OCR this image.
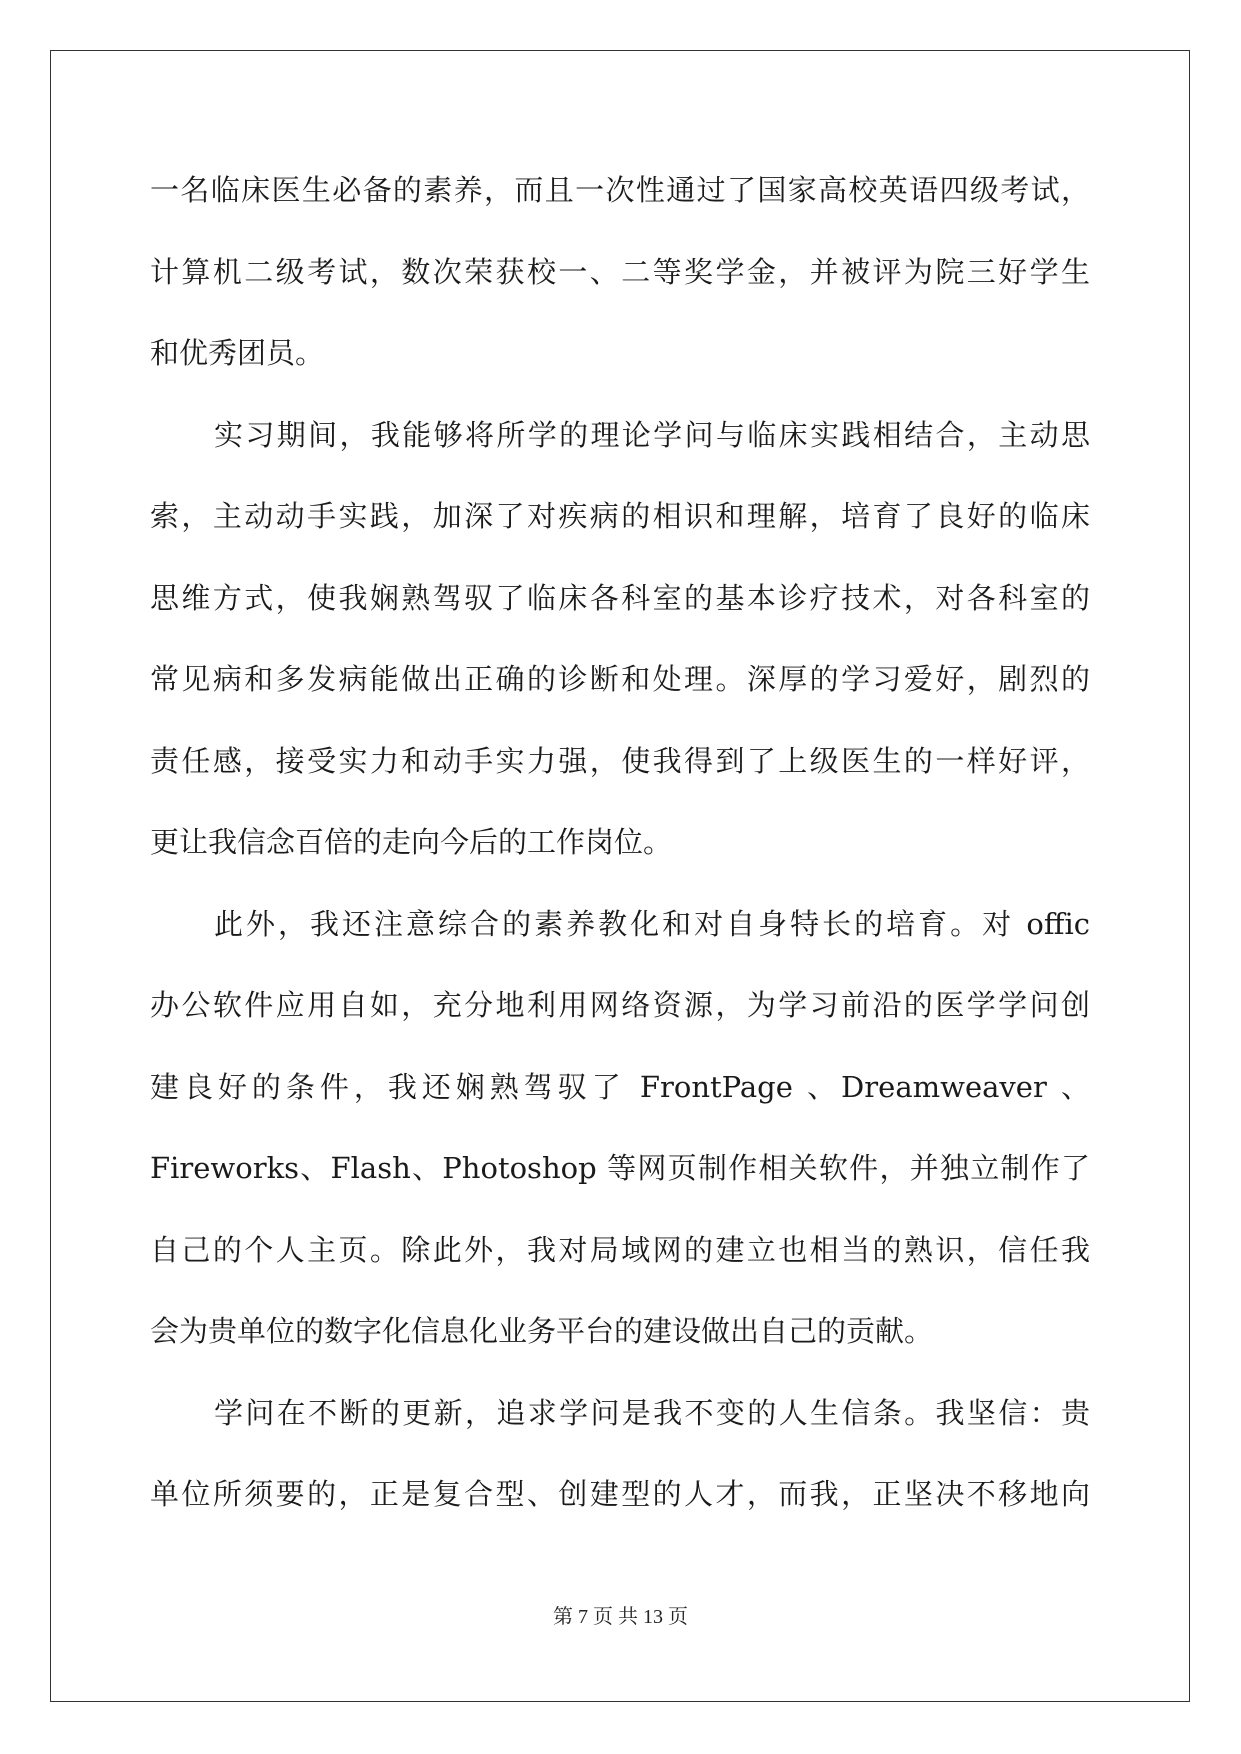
一名临床医生必备的素养，而且一次性通过了国家高校英语四级考试，
计算机二级考试，数次荣获校一、二等奖学金，并被评为院三好学生
和优秀团员。
实习期间，我能够将所学的理论学问与临床实践相结合，主动思
索，主动动手实践，加深了对疾病的相识和理解，培育了良好的临床
思维方式，使我娴熟驾驭了临床各科室的基本诊疗技术，对各科室的
常见病和多发病能做出正确的诊断和处理。深厚的学习爱好，剧烈的
责任感，接受实力和动手实力强，使我得到了上级医生的一样好评，
更让我信念百倍的走向今后的工作岗位。
此外，我还注意综合的素养教化和对自身特长的培育。对 offic
办公软件应用自如，充分地利用网络资源，为学习前沿的医学学问创
建良好的条件，我还娴熟驾驭了 FrontPage 、Dreamweaver 、
Fireworks、Flash、Photoshop 等网页制作相关软件，并独立制作了
自己的个人主页。除此外，我对局域网的建立也相当的熟识，信任我
会为贵单位的数字化信息化业务平台的建设做出自己的贡献。
学问在不断的更新，追求学问是我不变的人生信条。我坚信：贵
单位所须要的，正是复合型、创建型的人才，而我，正坚决不移地向
第 7 页 共 13 页
